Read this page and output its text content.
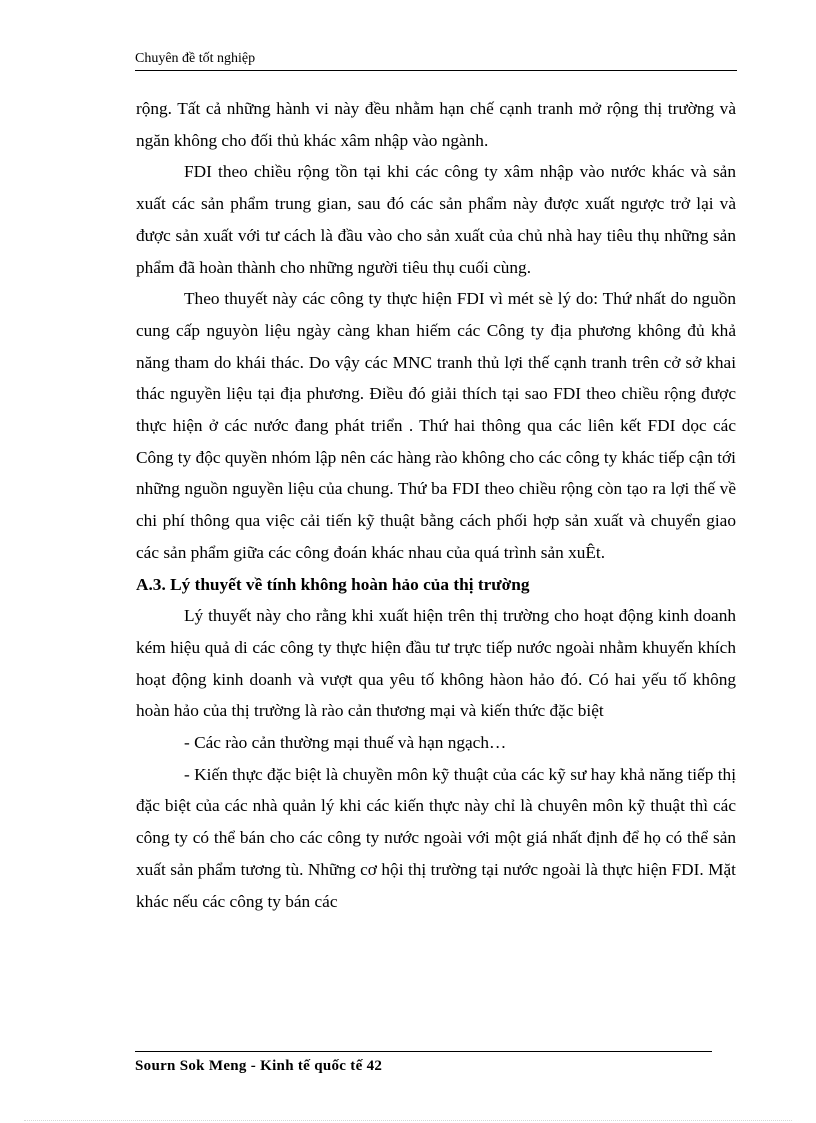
Chuyên đề tốt nghiệp

rộng. Tất cả những hành vi này đều nhằm hạn chế cạnh tranh mở rộng thị trường và ngăn không cho đối thủ khác xâm nhập vào ngành.

FDI theo chiều rộng tồn tại khi các công ty xâm nhập vào nước khác và sản xuất các sản phẩm trung gian, sau đó các sản phẩm này được xuất ngược trở lại và được sản xuất với tư cách là đầu vào cho sản xuất của chủ nhà hay tiêu thụ những sản phẩm đã hoàn thành cho những người tiêu thụ cuối cùng.

Theo thuyết này các công ty thực hiện FDI vì mét sè lý do: Thứ nhất do nguồn cung cấp nguyòn liệu ngày càng khan hiếm các Công ty địa phương không đủ khả năng tham do khái thác. Do vậy các MNC tranh thủ lợi thế cạnh tranh trên cở sở khai thác nguyền liệu tại địa phương. Điều đó giải thích tại sao FDI theo chiều rộng được thực hiện ở các nước đang phát triển . Thứ hai thông qua các liên kết FDI dọc các Công ty độc quyền nhóm lập nên các hàng rào không cho các công ty khác tiếp cận tới những nguồn nguyền liệu của chung. Thứ ba FDI theo chiều rộng còn tạo ra lợi thế về chi phí thông qua việc cải tiến kỹ thuật bằng cách phối hợp sản xuất và chuyển giao các sản phẩm giữa các công đoán khác nhau của quá trình sản xuÊt.

A.3. Lý thuyết về tính không hoàn hảo của thị trường

Lý thuyết này cho rằng khi xuất hiện trên thị trường cho hoạt động kinh doanh kém hiệu quả di các công ty thực hiện đầu tư trực tiếp nước ngoài nhằm khuyến khích hoạt động kinh doanh và vượt qua yêu tố không hàon hảo đó. Có hai yếu tố không hoàn hảo của thị trường là rào cản thương mại và kiến thức đặc biệt

- Các rào cản thường mại thuế và hạn ngạch…

- Kiến thực đặc biệt là chuyền môn kỹ thuật của các kỹ sư hay khả năng tiếp thị đặc biệt của các nhà quản lý khi các kiến thực này chỉ là chuyên môn kỹ thuật thì các công ty có thể bán cho các công ty nước ngoài với một giá nhất định để họ có thể sản xuất sản phẩm tương tù. Những cơ hội thị trường tại nước ngoài là thực hiện FDI. Mặt khác nếu các công ty bán các

Sourn Sok Meng - Kinh tế quốc tế 42
